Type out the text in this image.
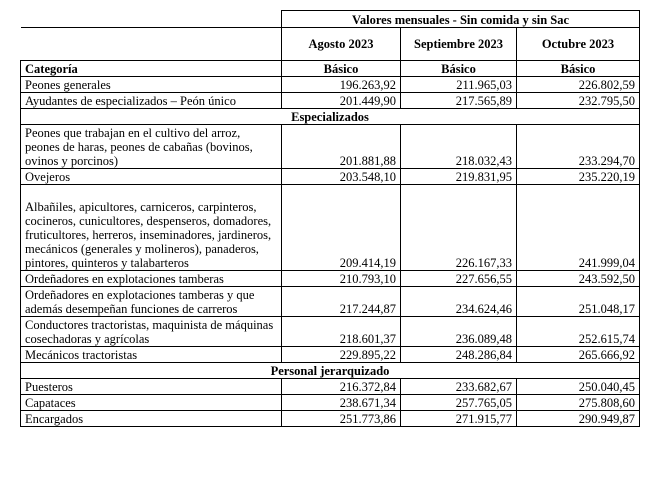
	Valores mensuales - Sin comida y sin Sac		
	Agosto 2023	Septiembre 2023	Octubre 2023
Categoría	Básico	Básico	Básico
Peones generales	196.263,92	211.965,03	226.802,59
Ayudantes de especializados – Peón único	201.449,90	217.565,89	232.795,50
Especializados			
Peones que trabajan en el cultivo del arroz, peones de haras, peones de cabañas (bovinos, ovinos y porcinos)	201.881,88	218.032,43	233.294,70
Ovejeros	203.548,10	219.831,95	235.220,19
Albañiles, apicultores, carniceros, carpinteros, cocineros, cunicultores, despenseros, domadores, fruticultores, herreros, inseminadores, jardineros, mecánicos (generales y molineros), panaderos, pintores, quinteros y talabarteros	209.414,19	226.167,33	241.999,04
Ordeñadores en explotaciones tamberas	210.793,10	227.656,55	243.592,50
Ordeñadores en explotaciones tamberas y que además desempeñan funciones de carreros	217.244,87	234.624,46	251.048,17
Conductores tractoristas, maquinista de máquinas cosechadoras y agrícolas	218.601,37	236.089,48	252.615,74
Mecánicos tractoristas	229.895,22	248.286,84	265.666,92
Personal jerarquizado			
Puesteros	216.372,84	233.682,67	250.040,45
Capataces	238.671,34	257.765,05	275.808,60
Encargados	251.773,86	271.915,77	290.949,87
